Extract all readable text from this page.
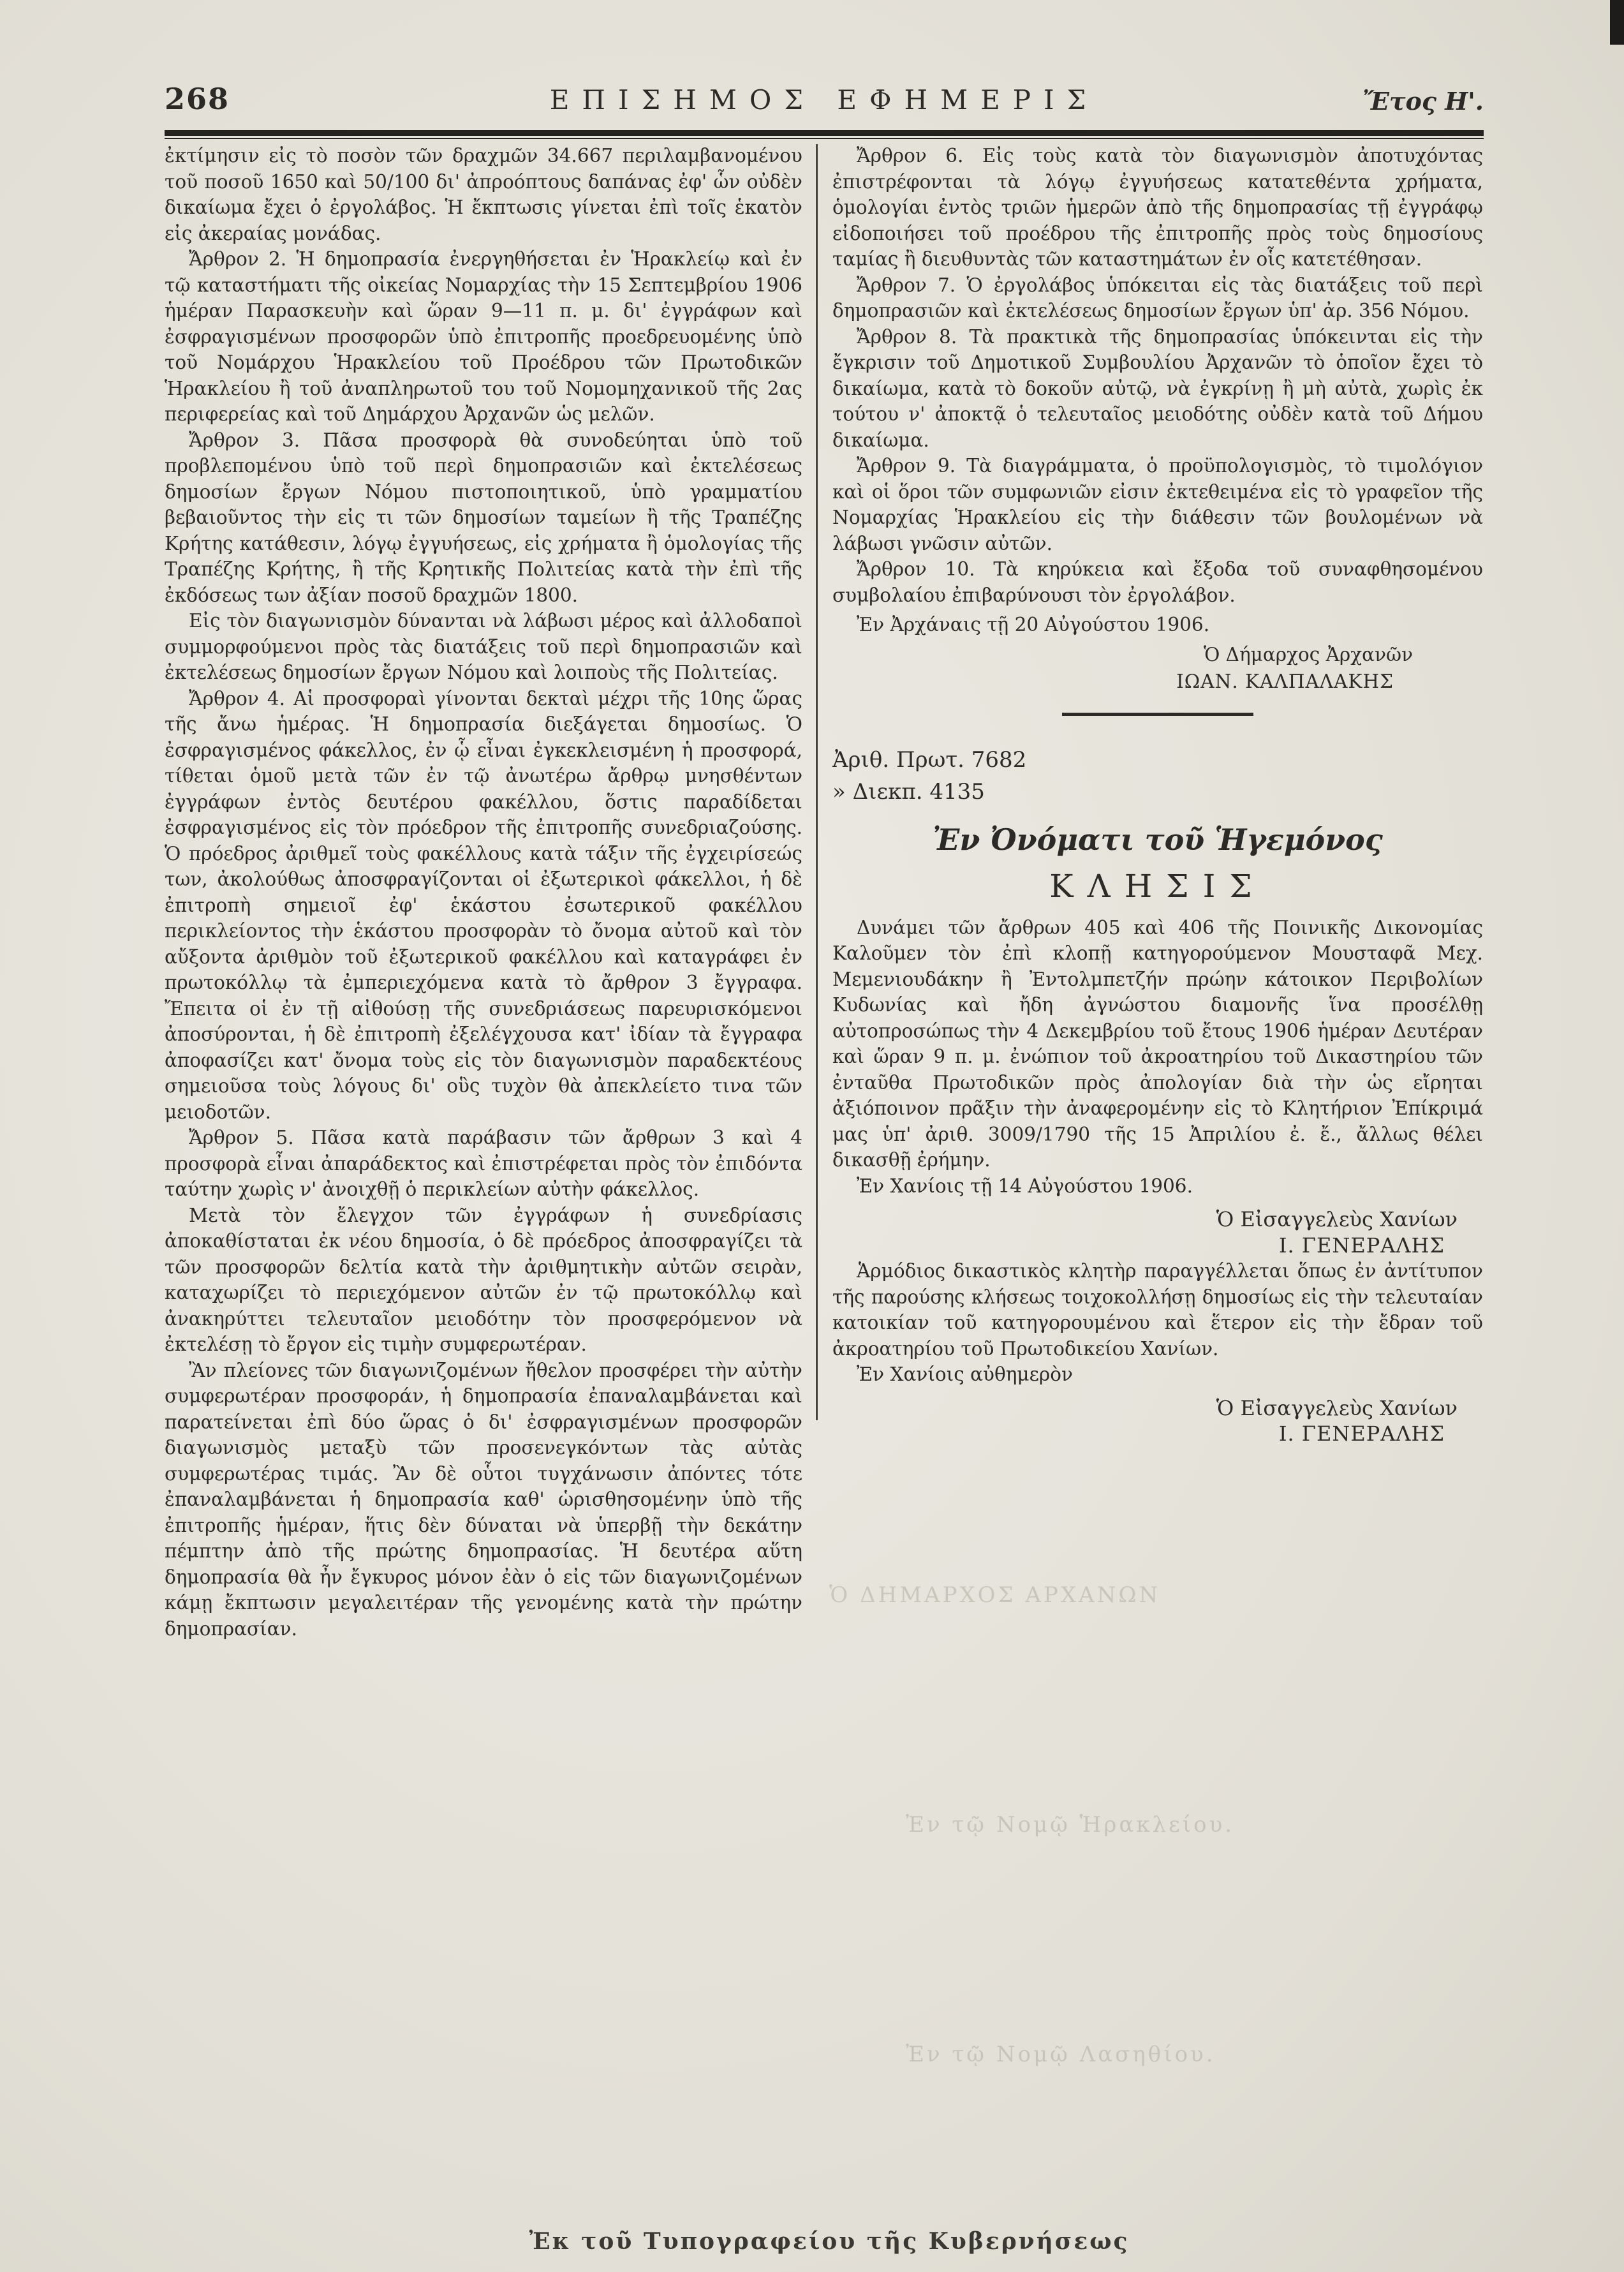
Ὁ ΔΗΜΑΡΧΟΣ ΑΡΧΑΝΩΝ
Ἐν τῷ Νομῷ Ἡρακλείου.
Ἐν τῷ Νομῷ Λασηθίου.
268	ΕΠΙΣΗΜΟΣ ΕΦΗΜΕΡΙΣ	Ἔτος Η'.

ἐκτίμησιν εἰς τὸ ποσὸν τῶν δραχμῶν 34.667 περιλαμβανομένου τοῦ ποσοῦ 1650 καὶ 50/100 δι' ἀπροόπτους δαπάνας ἐφ' ὧν οὐδὲν δικαίωμα ἔχει ὁ ἐργολάβος. Ἡ ἔκπτωσις γίνεται ἐπὶ τοῖς ἑκατὸν εἰς ἀκεραίας μονάδας.

Ἄρθρον 2. Ἡ δημοπρασία ἐνεργηθήσεται ἐν Ἡρακλείῳ καὶ ἐν τῷ καταστήματι τῆς οἰκείας Νομαρχίας τὴν 15 Σεπτεμβρίου 1906 ἡμέραν Παρασκευὴν καὶ ὥραν 9—11 π. μ. δι' ἐγγράφων καὶ ἐσφραγισμένων προσφορῶν ὑπὸ ἐπιτροπῆς προεδρευομένης ὑπὸ τοῦ Νομάρχου Ἡρακλείου τοῦ Προέδρου τῶν Πρωτοδικῶν Ἡρακλείου ἢ τοῦ ἀναπληρωτοῦ του τοῦ Νομομηχανικοῦ τῆς 2ας περιφερείας καὶ τοῦ Δημάρχου Ἀρχανῶν ὡς μελῶν.

Ἄρθρον 3. Πᾶσα προσφορὰ θὰ συνοδεύηται ὑπὸ τοῦ προβλεπομένου ὑπὸ τοῦ περὶ δημοπρασιῶν καὶ ἐκτελέσεως δημοσίων ἔργων Νόμου πιστοποιητικοῦ, ὑπὸ γραμματίου βεβαιοῦντος τὴν εἰς τι τῶν δημοσίων ταμείων ἢ τῆς Τραπέζης Κρήτης κατάθεσιν, λόγῳ ἐγγυήσεως, εἰς χρήματα ἢ ὁμολογίας τῆς Τραπέζης Κρήτης, ἢ τῆς Κρητικῆς Πολιτείας κατὰ τὴν ἐπὶ τῆς ἐκδόσεως των ἀξίαν ποσοῦ δραχμῶν 1800.

Εἰς τὸν διαγωνισμὸν δύνανται νὰ λάβωσι μέρος καὶ ἀλλοδαποὶ συμμορφούμενοι πρὸς τὰς διατάξεις τοῦ περὶ δημοπρασιῶν καὶ ἐκτελέσεως δημοσίων ἔργων Νόμου καὶ λοιποὺς τῆς Πολιτείας.

Ἄρθρον 4. Αἱ προσφοραὶ γίνονται δεκταὶ μέχρι τῆς 10ης ὥρας τῆς ἄνω ἡμέρας. Ἡ δημοπρασία διεξάγεται δημοσίως. Ὁ ἐσφραγισμένος φάκελλος, ἐν ᾧ εἶναι ἐγκεκλεισμένη ἡ προσφορά, τίθεται ὁμοῦ μετὰ τῶν ἐν τῷ ἀνωτέρω ἄρθρῳ μνησθέντων ἐγγράφων ἐντὸς δευτέρου φακέλλου, ὅστις παραδίδεται ἐσφραγισμένος εἰς τὸν πρόεδρον τῆς ἐπιτροπῆς συνεδριαζούσης. Ὁ πρόεδρος ἀριθμεῖ τοὺς φακέλλους κατὰ τάξιν τῆς ἐγχειρίσεώς των, ἀκολούθως ἀποσφραγίζονται οἱ ἐξωτερικοὶ φάκελλοι, ἡ δὲ ἐπιτροπὴ σημειοῖ ἐφ' ἑκάστου ἐσωτερικοῦ φακέλλου περικλείοντος τὴν ἑκάστου προσφορὰν τὸ ὄνομα αὐτοῦ καὶ τὸν αὔξοντα ἀριθμὸν τοῦ ἐξωτερικοῦ φακέλλου καὶ καταγράφει ἐν πρωτοκόλλῳ τὰ ἐμπεριεχόμενα κατὰ τὸ ἄρθρον 3 ἔγγραφα. Ἔπειτα οἱ ἐν τῇ αἰθούσῃ τῆς συνεδριάσεως παρευρισκόμενοι ἀποσύρονται, ἡ δὲ ἐπιτροπὴ ἐξελέγχουσα κατ' ἰδίαν τὰ ἔγγραφα ἀποφασίζει κατ' ὄνομα τοὺς εἰς τὸν διαγωνισμὸν παραδεκτέους σημειοῦσα τοὺς λόγους δι' οὓς τυχὸν θὰ ἀπεκλείετο τινα τῶν μειοδοτῶν.

Ἄρθρον 5. Πᾶσα κατὰ παράβασιν τῶν ἄρθρων 3 καὶ 4 προσφορὰ εἶναι ἀπαράδεκτος καὶ ἐπιστρέφεται πρὸς τὸν ἐπιδόντα ταύτην χωρὶς ν' ἀνοιχθῇ ὁ περικλείων αὐτὴν φάκελλος.

Μετὰ τὸν ἔλεγχον τῶν ἐγγράφων ἡ συνεδρίασις ἀποκαθίσταται ἐκ νέου δημοσία, ὁ δὲ πρόεδρος ἀποσφραγίζει τὰ τῶν προσφορῶν δελτία κατὰ τὴν ἀριθμητικὴν αὐτῶν σειρὰν, καταχωρίζει τὸ περιεχόμενον αὐτῶν ἐν τῷ πρωτοκόλλῳ καὶ ἀνακηρύττει τελευταῖον μειοδότην τὸν προσφερόμενον νὰ ἐκτελέσῃ τὸ ἔργον εἰς τιμὴν συμφερωτέραν.

Ἂν πλείονες τῶν διαγωνιζομένων ἤθελον προσφέρει τὴν αὐτὴν συμφερωτέραν προσφοράν, ἡ δημοπρασία ἐπαναλαμβάνεται καὶ παρατείνεται ἐπὶ δύο ὥρας ὁ δι' ἐσφραγισμένων προσφορῶν διαγωνισμὸς μεταξὺ τῶν προσενεγκόντων τὰς αὐτὰς συμφερωτέρας τιμάς. Ἂν δὲ οὗτοι τυγχάνωσιν ἀπόντες τότε ἐπαναλαμβάνεται ἡ δημοπρασία καθ' ὡρισθησομένην ὑπὸ τῆς ἐπιτροπῆς ἡμέραν, ἥτις δὲν δύναται νὰ ὑπερβῇ τὴν δεκάτην πέμπτην ἀπὸ τῆς πρώτης δημοπρασίας. Ἡ δευτέρα αὕτη δημοπρασία θὰ ἦν ἔγκυρος μόνον ἐὰν ὁ εἰς τῶν διαγωνιζομένων κάμῃ ἔκπτωσιν μεγαλειτέραν τῆς γενομένης κατὰ τὴν πρώτην δημοπρασίαν.

Ἄρθρον 6. Εἰς τοὺς κατὰ τὸν διαγωνισμὸν ἀποτυχόντας ἐπιστρέφονται τὰ λόγῳ ἐγγυήσεως κατατεθέντα χρήματα, ὁμολογίαι ἐντὸς τριῶν ἡμερῶν ἀπὸ τῆς δημοπρασίας τῇ ἐγγράφῳ εἰδοποιήσει τοῦ προέδρου τῆς ἐπιτροπῆς πρὸς τοὺς δημοσίους ταμίας ἢ διευθυντὰς τῶν καταστημάτων ἐν οἷς κατετέθησαν.

Ἄρθρον 7. Ὁ ἐργολάβος ὑπόκειται εἰς τὰς διατάξεις τοῦ περὶ δημοπρασιῶν καὶ ἐκτελέσεως δημοσίων ἔργων ὑπ' ἀρ. 356 Νόμου.

Ἄρθρον 8. Τὰ πρακτικὰ τῆς δημοπρασίας ὑπόκεινται εἰς τὴν ἔγκρισιν τοῦ Δημοτικοῦ Συμβουλίου Ἀρχανῶν τὸ ὁποῖον ἔχει τὸ δικαίωμα, κατὰ τὸ δοκοῦν αὐτῷ, νὰ ἐγκρίνῃ ἢ μὴ αὐτὰ, χωρὶς ἐκ τούτου ν' ἀποκτᾷ ὁ τελευταῖος μειοδότης οὐδὲν κατὰ τοῦ Δήμου δικαίωμα.

Ἄρθρον 9. Τὰ διαγράμματα, ὁ προϋπολογισμὸς, τὸ τιμολόγιον καὶ οἱ ὅροι τῶν συμφωνιῶν εἰσιν ἐκτεθειμένα εἰς τὸ γραφεῖον τῆς Νομαρχίας Ἡρακλείου εἰς τὴν διάθεσιν τῶν βουλομένων νὰ λάβωσι γνῶσιν αὐτῶν.

Ἄρθρον 10. Τὰ κηρύκεια καὶ ἔξοδα τοῦ συναφθησομένου συμβολαίου ἐπιβαρύνουσι τὸν ἐργολάβον.

Ἐν Ἀρχάναις τῇ 20 Αὐγούστου 1906.

Ὁ Δήμαρχος Ἀρχανῶν

ΙΩΑΝ. ΚΑΛΠΑΛΑΚΗΣ

Ἀριθ. Πρωτ. 7682

» Διεκπ. 4135

Ἐν Ὀνόματι τοῦ Ἡγεμόνος

ΚΛΗΣΙΣ

Δυνάμει τῶν ἄρθρων 405 καὶ 406 τῆς Ποινικῆς Δικονομίας Καλοῦμεν τὸν ἐπὶ κλοπῇ κατηγορούμενον Μουσταφᾶ Μεχ. Μεμενιουδάκην ἢ Ἐντολμπετζήν πρώην κάτοικον Περιβολίων Κυδωνίας καὶ ἤδη ἀγνώστου διαμονῆς ἵνα προσέλθῃ αὐτοπροσώπως τὴν 4 Δεκεμβρίου τοῦ ἔτους 1906 ἡμέραν Δευτέραν καὶ ὥραν 9 π. μ. ἐνώπιον τοῦ ἀκροατηρίου τοῦ Δικαστηρίου τῶν ἐνταῦθα Πρωτοδικῶν πρὸς ἀπολογίαν διὰ τὴν ὡς εἴρηται ἀξιόποινον πρᾶξιν τὴν ἀναφερομένην εἰς τὸ Κλητήριον Ἐπίκριμά μας ὑπ' ἀριθ. 3009/1790 τῆς 15 Ἀπριλίου ἐ. ἔ., ἄλλως θέλει δικασθῇ ἐρήμην.

Ἐν Χανίοις τῇ 14 Αὐγούστου 1906.

Ὁ Εἰσαγγελεὺς Χανίων

Ι. ΓΕΝΕΡΑΛΗΣ

Ἁρμόδιος δικαστικὸς κλητὴρ παραγγέλλεται ὅπως ἐν ἀντίτυπον τῆς παρούσης κλήσεως τοιχοκολλήσῃ δημοσίως εἰς τὴν τελευταίαν κατοικίαν τοῦ κατηγορουμένου καὶ ἕτερον εἰς τὴν ἔδραν τοῦ ἀκροατηρίου τοῦ Πρωτοδικείου Χανίων.

Ἐν Χανίοις αὐθημερὸν

Ὁ Εἰσαγγελεὺς Χανίων

Ι. ΓΕΝΕΡΑΛΗΣ

Ἐκ τοῦ Τυπογραφείου τῆς Κυβερνήσεως
